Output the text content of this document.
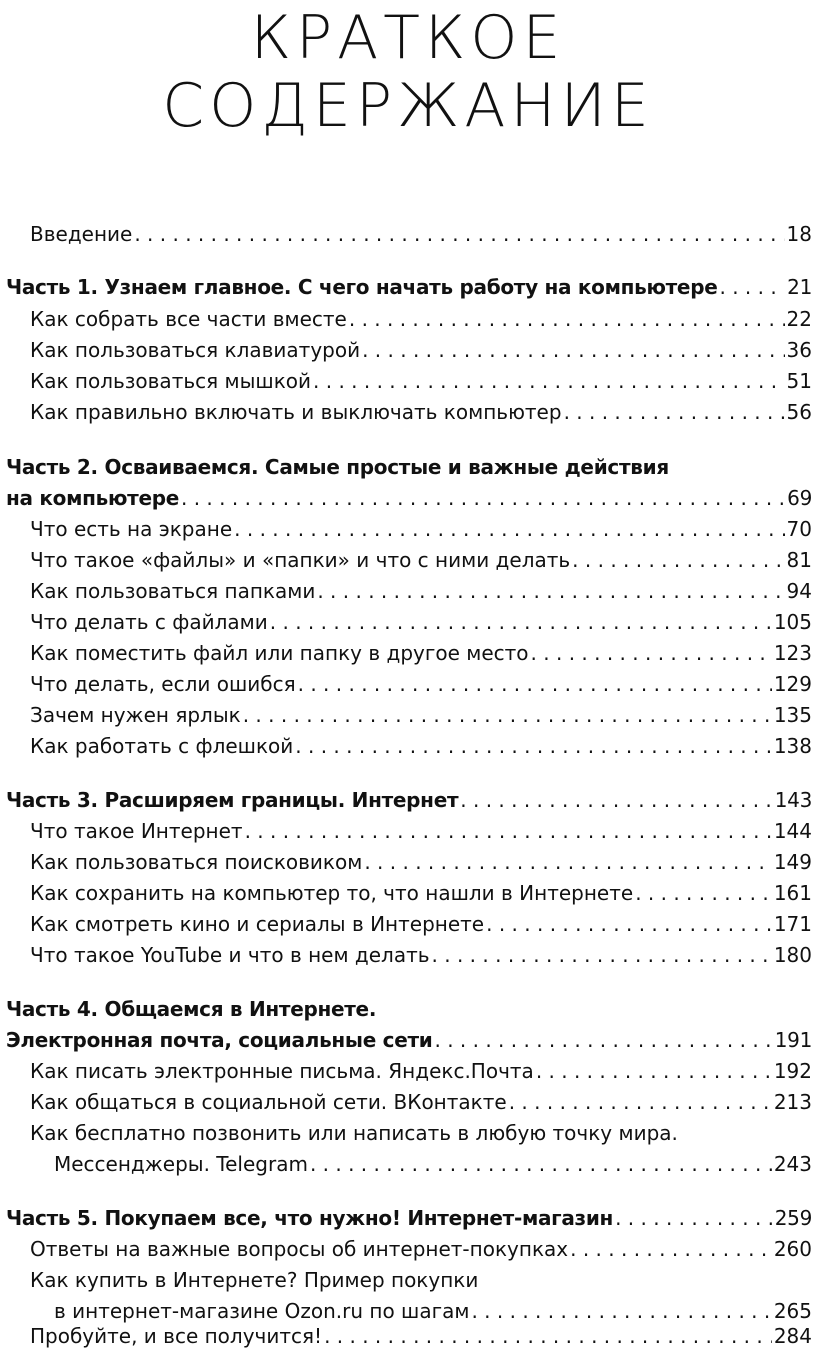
КРАТКОЕ
СОДЕРЖАНИЕ
Введение . . .	18
Часть 1. Узнаем главное. С чего начать работу на компьютере . . .	21
Как собрать все части вместе . . .	22
Как пользоваться клавиатурой . . .	36
Как пользоваться мышкой . . .	51
Как правильно включать и выключать компьютер . . .	56
Часть 2. Осваиваемся. Самые простые и важные действия
на компьютере . . .	69
Что есть на экране . . .	70
Что такое «файлы» и «папки» и что с ними делать . . .	81
Как пользоваться папками . . .	94
Что делать с файлами . . .	105
Как поместить файл или папку в другое место . . .	123
Что делать, если ошибся . . .	129
Зачем нужен ярлык . . .	135
Как работать с флешкой . . .	138
Часть 3. Расширяем границы. Интернет . . .	143
Что такое Интернет . . .	144
Как пользоваться поисковиком . . .	149
Как сохранить на компьютер то, что нашли в Интернете . . .	161
Как смотреть кино и сериалы в Интернете . . .	171
Что такое YouTube и что в нем делать . . .	180
Часть 4. Общаемся в Интернете.
Электронная почта, социальные сети . . .	191
Как писать электронные письма. Яндекс.Почта . . .	192
Как общаться в социальной сети. ВКонтакте . . .	213
Как бесплатно позвонить или написать в любую точку мира.
Мессенджеры. Telegram . . .	243
Часть 5. Покупаем все, что нужно! Интернет-магазин . . .	259
Ответы на важные вопросы об интернет-покупках . . .	260
Как купить в Интернете? Пример покупки
в интернет-магазине Ozon.ru по шагам . . .	265
Пробуйте, и все получится! . . .	284
